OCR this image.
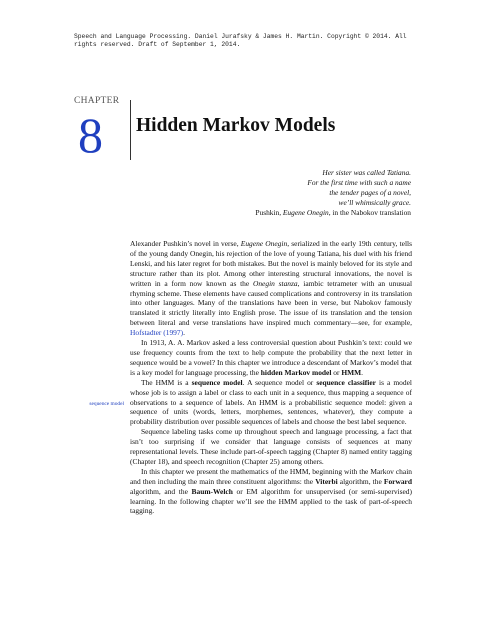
Speech and Language Processing. Daniel Jurafsky & James H. Martin. Copyright © 2014. All rights reserved. Draft of September 1, 2014.
CHAPTER
8 Hidden Markov Models
Her sister was called Tatiana.
For the first time with such a name
the tender pages of a novel,
we’ll whimsically grace.
Pushkin, Eugene Onegin, in the Nabokov translation
sequence model

Alexander Pushkin’s novel in verse, Eugene Onegin, serialized in the early 19th century, tells of the young dandy Onegin, his rejection of the love of young Tatiana, his duel with his friend Lenski, and his later regret for both mistakes. But the novel is mainly beloved for its style and structure rather than its plot. Among other interesting structural innovations, the novel is written in a form now known as the Onegin stanza, iambic tetrameter with an unusual rhyming scheme. These elements have caused complications and controversy in its translation into other languages. Many of the translations have been in verse, but Nabokov famously translated it strictly literally into English prose. The issue of its translation and the tension between literal and verse translations have inspired much commentary—see, for example, Hofstadter (1997).

In 1913, A. A. Markov asked a less controversial question about Pushkin’s text: could we use frequency counts from the text to help compute the probability that the next letter in sequence would be a vowel? In this chapter we introduce a descendant of Markov’s model that is a key model for language processing, the hidden Markov model or HMM.

The HMM is a sequence model. A sequence model or sequence classifier is a model whose job is to assign a label or class to each unit in a sequence, thus mapping a sequence of observations to a sequence of labels. An HMM is a probabilistic sequence model: given a sequence of units (words, letters, morphemes, sentences, whatever), they compute a probability distribution over possible sequences of labels and choose the best label sequence.

Sequence labeling tasks come up throughout speech and language processing, a fact that isn’t too surprising if we consider that language consists of sequences at many representational levels. These include part-of-speech tagging (Chapter 8) named entity tagging (Chapter 18), and speech recognition (Chapter 25) among others.

In this chapter we present the mathematics of the HMM, beginning with the Markov chain and then including the main three constituent algorithms: the Viterbi algorithm, the Forward algorithm, and the Baum-Welch or EM algorithm for unsupervised (or semi-supervised) learning. In the following chapter we’ll see the HMM applied to the task of part-of-speech tagging.
